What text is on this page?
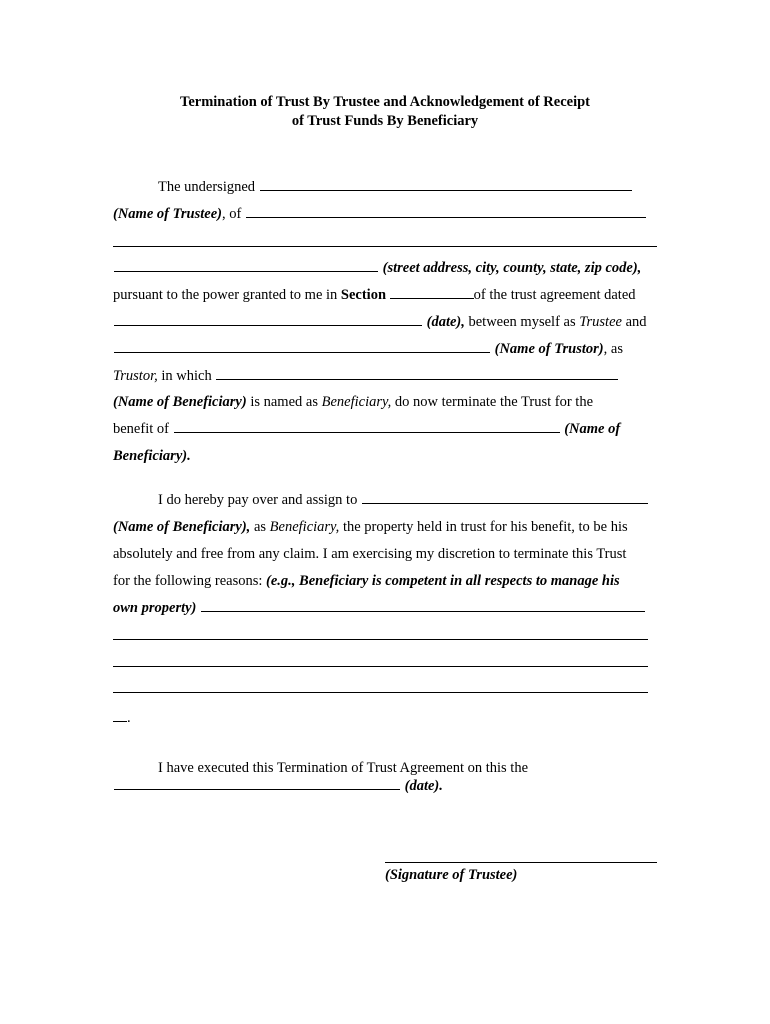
Termination of Trust By Trustee and Acknowledgement of Receipt
of Trust Funds By Beneficiary
The undersigned
(Name of Trustee), of
(street address, city, county, state, zip code),
pursuant to the power granted to me in Section	of the trust agreement dated
(date), between myself as Trustee and
(Name of Trustor), as
Trustor, in which
(Name of Beneficiary) is named as Beneficiary, do now terminate the Trust for the
benefit of	(Name of
Beneficiary).
I do hereby pay over and assign to
(Name of Beneficiary), as Beneficiary, the property held in trust for his benefit, to be his
absolutely and free from any claim. I am exercising my discretion to terminate this Trust
for the following reasons: (e.g., Beneficiary is competent in all respects to manage his
own property)
.
I have executed this Termination of Trust Agreement on this the
(date).
(Signature of Trustee)
